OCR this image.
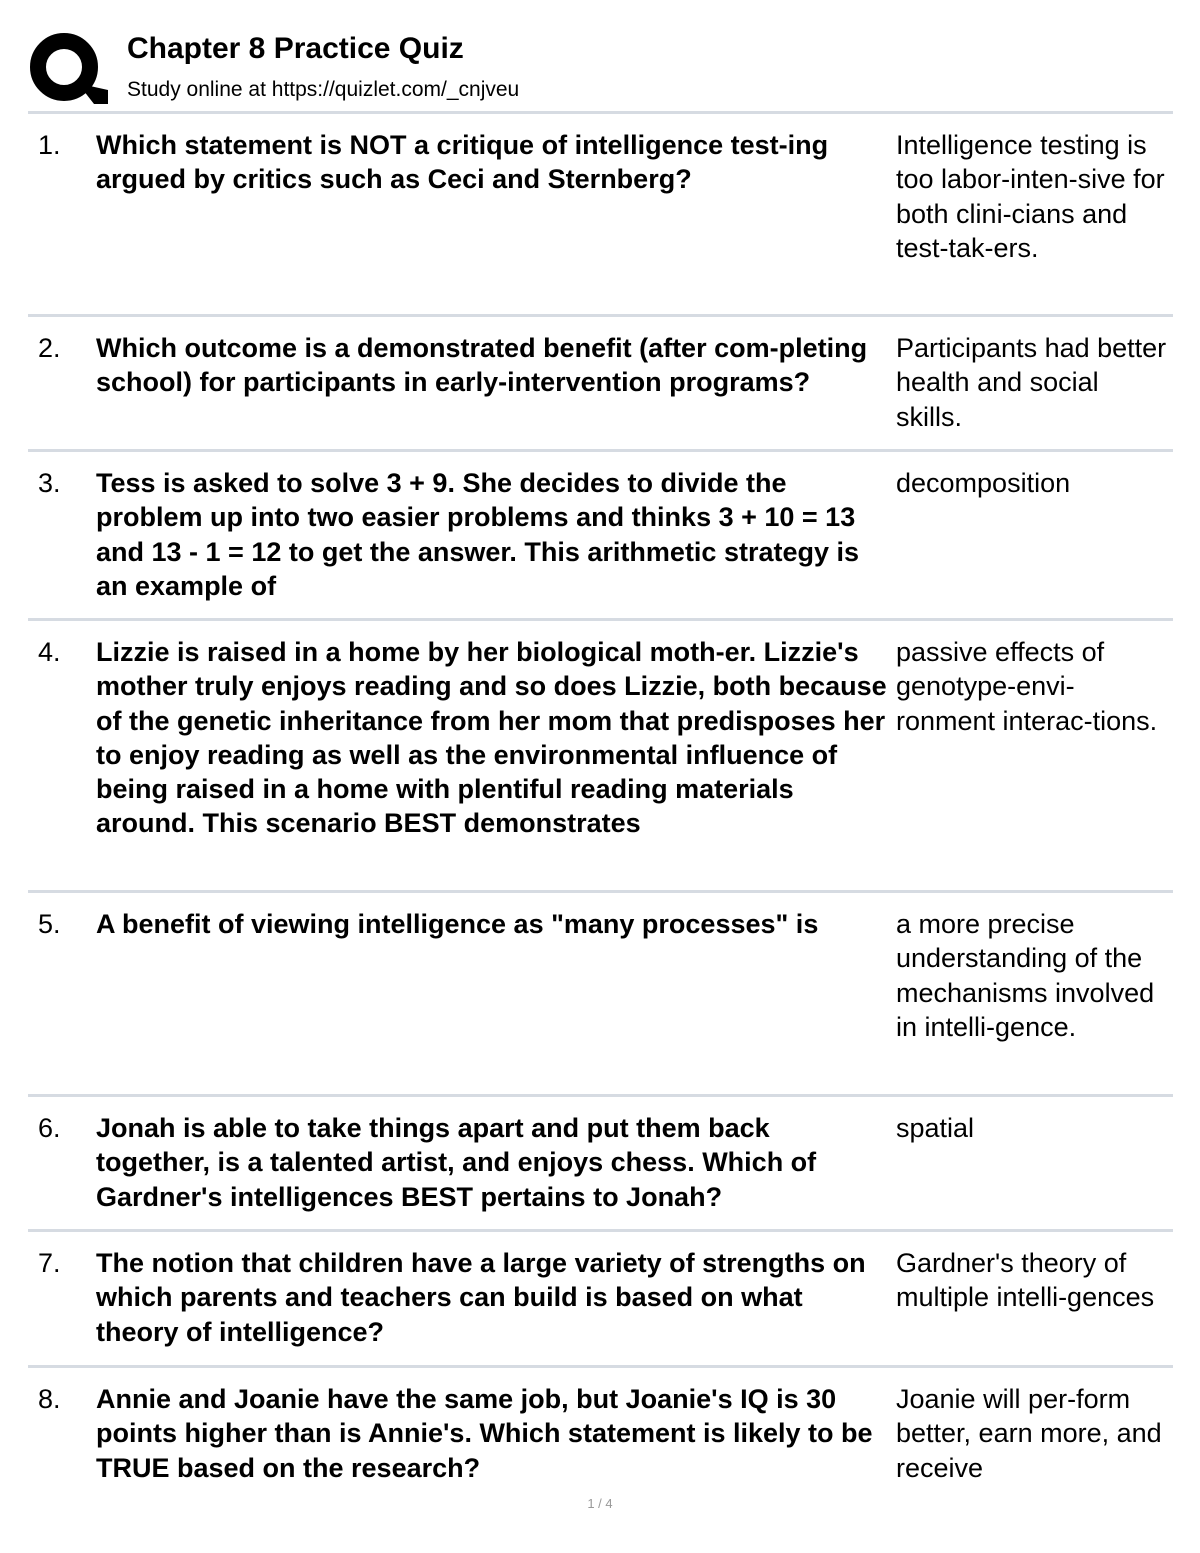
Chapter 8 Practice Quiz
Study online at https://quizlet.com/_cnjveu
1. Which statement is NOT a critique of intelligence test-ing argued by critics such as Ceci and Sternberg?
Intelligence testing is too labor-inten-sive for both clini-cians and test-tak-ers.
2. Which outcome is a demonstrated benefit (after com-pleting school) for participants in early-intervention programs?
Participants had better health and social skills.
3. Tess is asked to solve 3 + 9. She decides to divide the problem up into two easier problems and thinks 3 + 10 = 13 and 13 - 1 = 12 to get the answer. This arithmetic strategy is an example of
decomposition
4. Lizzie is raised in a home by her biological moth-er. Lizzie's mother truly enjoys reading and so does Lizzie, both because of the genetic inheritance from her mom that predisposes her to enjoy reading as well as the environmental influence of being raised in a home with plentiful reading materials around. This scenario BEST demonstrates
passive effects of genotype-envi-ronment interac-tions.
5. A benefit of viewing intelligence as "many processes" is	a more precise understanding of the mechanisms involved in intelli-gence.
6. Jonah is able to take things apart and put them back together, is a talented artist, and enjoys chess. Which of Gardner's intelligences BEST pertains to Jonah?
spatial
7. The notion that children have a large variety of strengths on which parents and teachers can build is based on what theory of intelligence?
Gardner's theory of multiple intelli-gences
8. Annie and Joanie have the same job, but Joanie's IQ is 30 points higher than is Annie's. Which statement is likely to be TRUE based on the research?
Joanie will per-form better, earn more, and receive
1 / 4
